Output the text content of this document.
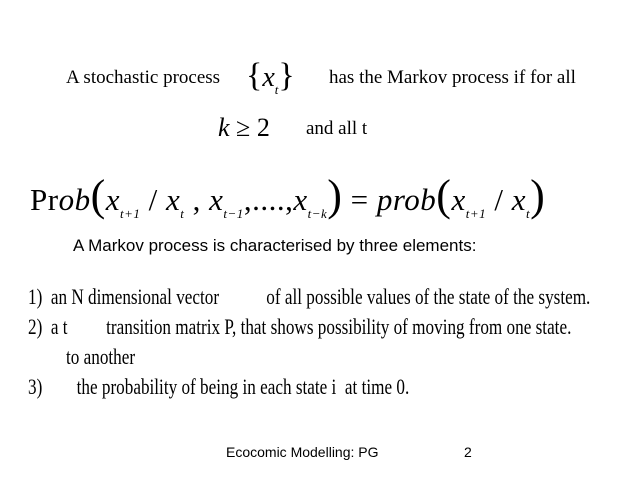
A stochastic process $\{x_t\}$ has the Markov process if for all
k ≥ 2 and all t
$Prob(x_{t+1} / x_t$ , $x_{t-1},....,x_{t-k}$) = $prob(x_{t+1} / x_t)$
A Markov process is characterised by three elements:
1) an N dimensional vector           of all possible values of the state of the system.
2) a t         transition matrix P, that shows possibility of moving from one state.
to another
3)        the probability of being in each state i  at time 0.
Ecocomic Modelling: PG	2
